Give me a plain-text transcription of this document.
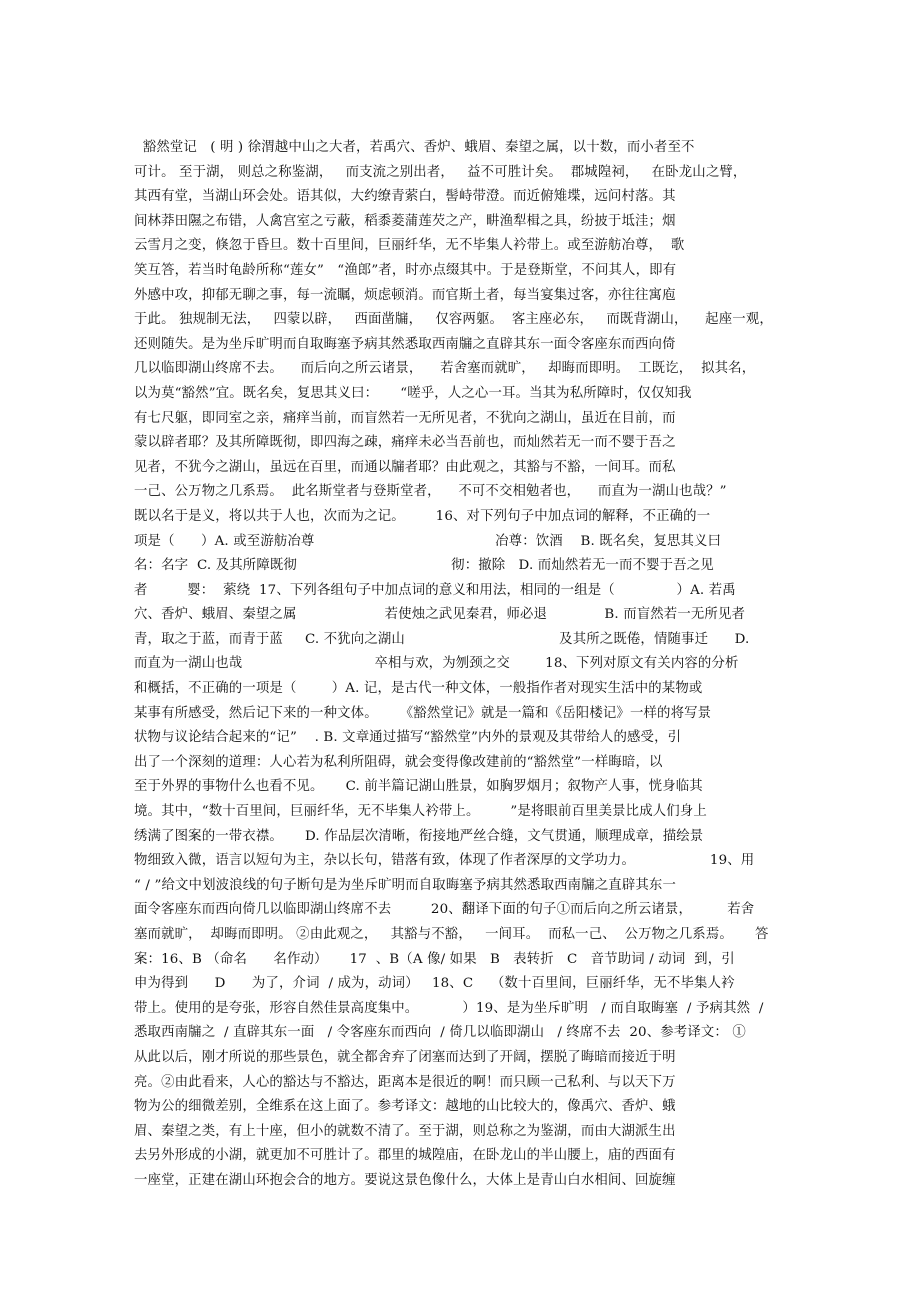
豁然堂记   ( 明 ) 徐渭越中山之大者，若禹穴、香炉、蛾眉、秦望之属，以十数，而小者至不
可计。 至于湖， 则总之称鉴湖，   而支流之别出者，   益不可胜计矣。  郡城隍祠，   在卧龙山之臂，
其西有堂，当湖山环会处。语其似，大约缭青萦白，髻峙带澄。而近俯雉堞，远问村落。其
间林莽田隰之布错，人禽宫室之亏蔽，稻黍菱蒲莲芡之产，畊渔犁楫之具，纷披于坻洼；烟
云雪月之变，倏忽于昏旦。数十百里间，巨丽纤华，无不毕集人衿带上。或至游舫冶尊，  歌
笑互答，若当时龟龄所称“莲女”   “渔郎”者，时亦点缀其中。于是登斯堂，不问其人，即有
外感中攻，抑郁无聊之事，每一流瞩，烦虑顿消。而官斯土者，每当宴集过客，亦往往寓庖
于此。 独规制无法，   四蒙以辟，   西面凿牖，   仅容两躯。  客主座必东，   而既背湖山，    起座一观，
还则随失。是为坐斥旷明而自取晦塞予病其然悉取西南牖之直辟其东一面令客座东而西向倚
几以临即湖山终席不去。    而后向之所云诸景，    若舍塞而就旷，   却晦而即明。  工既讫，  拟其名，
以为莫“豁然”宜。既名矣，复思其义曰：     “嗟乎，人之心一耳。当其为私所障时，仅仅知我
有七尺躯，即同室之亲，痛痒当前，而盲然若一无所见者，不犹向之湖山，虽近在目前，而
蒙以辟者耶？及其所障既彻，即四海之疎，痛痒未必当吾前也，而灿然若无一而不婴于吾之
见者，不犹今之湖山，虽远在百里，而通以牖者耶？由此观之，其豁与不豁，一间耳。而私
一己、公万物之几系焉。  此名斯堂者与登斯堂者，    不可不交相勉者也，    而直为一湖山也哉？”
既以名于是义，将以共于人也，次而为之记。       16、对下列句子中加点词的解释，不正确的一
项是（      ）A. 或至游舫冶尊                                         冶尊：饮酒    B. 既名矣，复思其义曰
名：名字  C. 及其所障既彻                                   彻：撤除   D. 而灿然若无一而不婴于吾之见
者         婴：  萦绕  17、下列各组句子中加点词的意义和用法，相同的一组是（              ）A. 若禹
穴、香炉、蛾眉、秦望之属                    若使烛之武见秦君，师必退             B. 而盲然若一无所见者
青，取之于蓝，而青于蓝     C. 不犹向之湖山                                   及其所之既倦，情随事迁      D.
而直为一湖山也哉                              卒相与欢，为刎颈之交        18、下列对原文有关内容的分析
和概括，不正确的一项是（        ）A. 记，是古代一种文体，一般指作者对现实生活中的某物或
某事有所感受，然后记下来的一种文体。     《豁然堂记》就是一篇和《岳阳楼记》一样的将写景
状物与议论结合起来的“记”    . B. 文章通过描写“豁然堂”内外的景观及其带给人的感受，引
出了一个深刻的道理：人心若为私利所阻碍，就会变得像改建前的“豁然堂”一样晦暗，以
至于外界的事物什么也看不见。     C. 前半篇记湖山胜景，如胸罗烟月；叙物产人事，恍身临其
境。其中，“数十百里间，巨丽纤华，无不毕集人衿带上。       ”是将眼前百里美景比成人们身上
绣满了图案的一带衣襟。     D. 作品层次清晰，衔接地严丝合缝，文气贯通，顺理成章，描绘景
物细致入微，语言以短句为主，杂以长句，错落有致，体现了作者深厚的文学功力。                 19、用
“ / ”给文中划波浪线的句子断句是为坐斥旷明而自取晦塞予病其然悉取西南牖之直辟其东一
面令客座东而西向倚几以临即湖山终席不去         20、翻译下面的句子①而后向之所云诸景，        若舍
塞而就旷，  却晦而即明。 ②由此观之，   其豁与不豁，   一间耳。  而私一己、  公万物之几系焉。     答
案：16、B （命名      名作动）     17  、B（A 像/ 如果   B   表转折   C   音节助词 / 动词  到，引
申为得到      D      为了，介词  / 成为，动词）   18、C    （数十百里间，巨丽纤华，无不毕集人衿
带上。使用的是夸张，形容自然佳景高度集中。          ）19、是为坐斥旷明   / 而自取晦塞  / 予病其然  /
悉取西南牖之  / 直辟其东一面   / 令客座东而西向  / 倚几以临即湖山   / 终席不去  20、参考译文： ①
从此以后，刚才所说的那些景色，就全都舍弃了闭塞而达到了开阔，摆脱了晦暗而接近于明
亮。②由此看来，人心的豁达与不豁达，距离本是很近的啊！而只顾一己私利、与以天下万
物为公的细微差别，全维系在这上面了。参考译文：越地的山比较大的，像禹穴、香炉、蛾
眉、秦望之类，有上十座，但小的就数不清了。至于湖，则总称之为鉴湖，而由大湖派生出
去另外形成的小湖，就更加不可胜计了。郡里的城隍庙，在卧龙山的半山腰上，庙的西面有
一座堂，正建在湖山环抱会合的地方。要说这景色像什么，大体上是青山白水相间、回旋缠
